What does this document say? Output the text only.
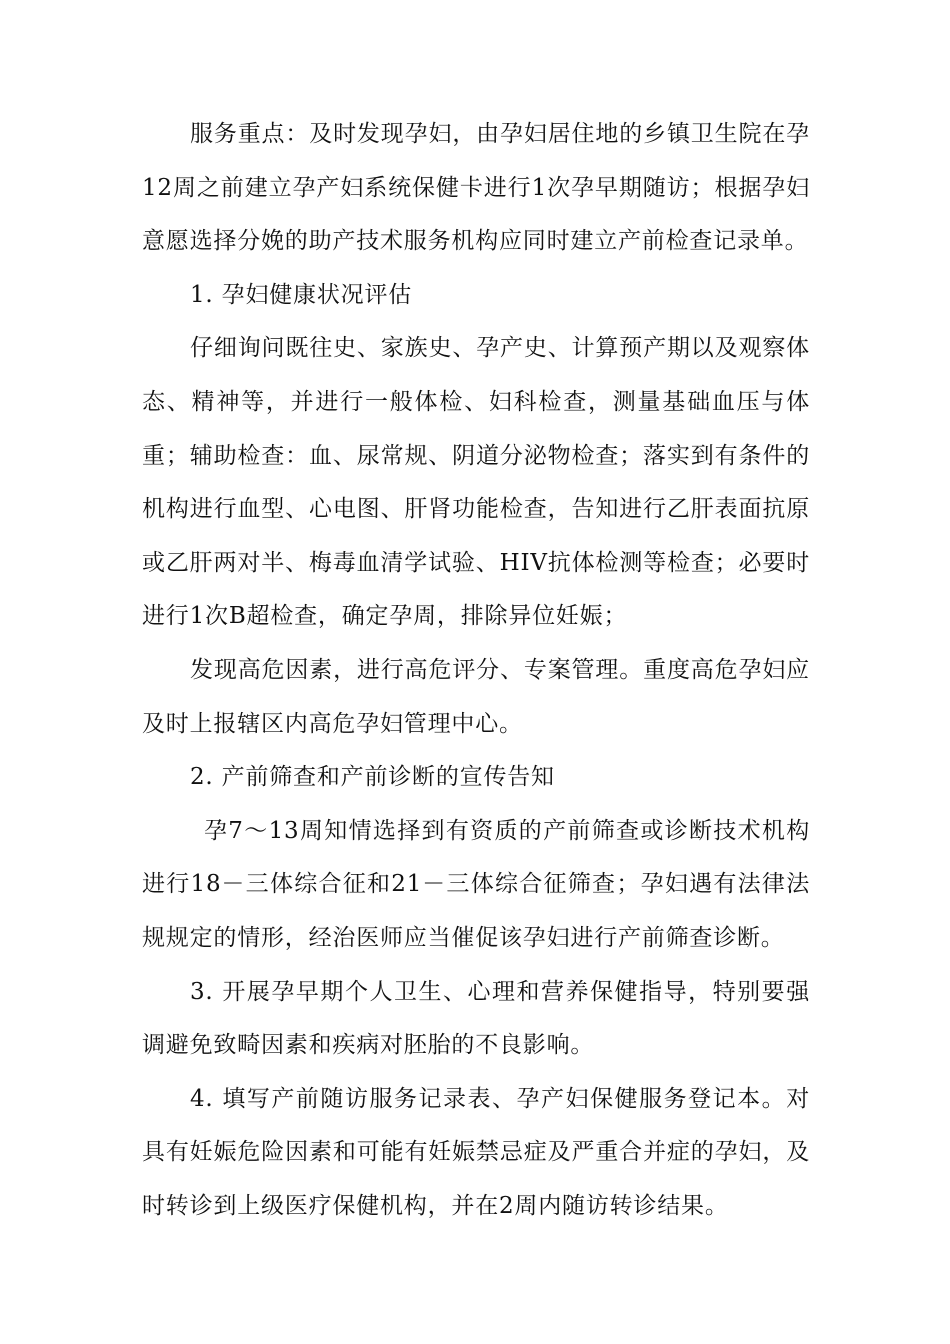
服务重点：及时发现孕妇，由孕妇居住地的乡镇卫生院在孕12周之前建立孕产妇系统保健卡进行1次孕早期随访；根据孕妇意愿选择分娩的助产技术服务机构应同时建立产前检查记录单。

1. 孕妇健康状况评估

仔细询问既往史、家族史、孕产史、计算预产期以及观察体态、精神等，并进行一般体检、妇科检查，测量基础血压与体重；辅助检查：血、尿常规、阴道分泌物检查；落实到有条件的机构进行血型、心电图、肝肾功能检查，告知进行乙肝表面抗原或乙肝两对半、梅毒血清学试验、HIV抗体检测等检查；必要时进行1次B超检查，确定孕周，排除异位妊娠；

发现高危因素，进行高危评分、专案管理。重度高危孕妇应及时上报辖区内高危孕妇管理中心。

2. 产前筛查和产前诊断的宣传告知

孕7～13周知情选择到有资质的产前筛查或诊断技术机构进行18－三体综合征和21－三体综合征筛查；孕妇遇有法律法规规定的情形，经治医师应当催促该孕妇进行产前筛查诊断。

3. 开展孕早期个人卫生、心理和营养保健指导，特别要强调避免致畸因素和疾病对胚胎的不良影响。

4. 填写产前随访服务记录表、孕产妇保健服务登记本。对具有妊娠危险因素和可能有妊娠禁忌症及严重合并症的孕妇，及时转诊到上级医疗保健机构，并在2周内随访转诊结果。
